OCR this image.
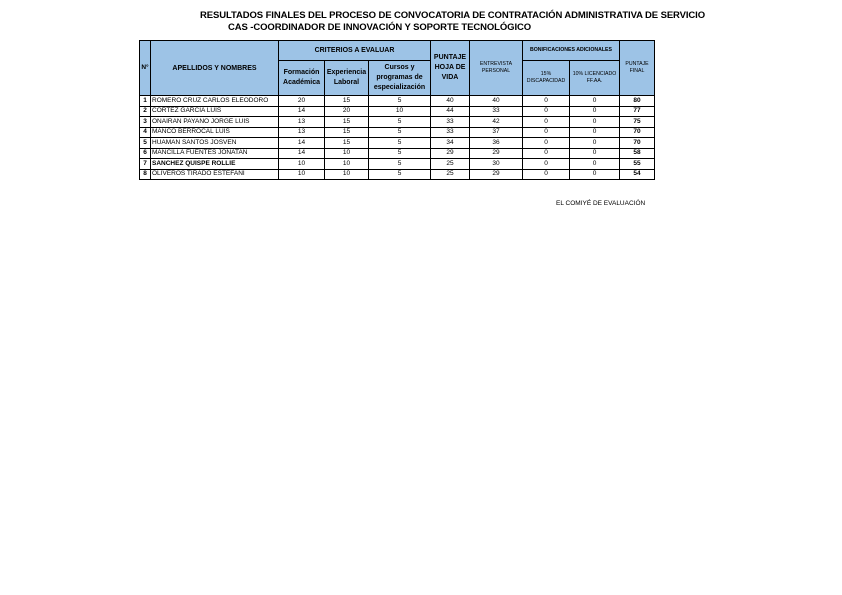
RESULTADOS FINALES DEL PROCESO DE CONVOCATORIA DE CONTRATACIÓN ADMINISTRATIVA DE SERVICIO
CAS -COORDINADOR DE INNOVACIÓN Y SOPORTE TECNOLÓGICO
N°	APELLIDOS Y NOMBRES	CRITERIOS A EVALUAR			PUNTAJE HOJA DE VIDA	ENTREVISTA PERSONAL	BONIFICACIONES ADICIONALES		PUNTAJE FINAL
		Formación Académica	Experiencia Laboral	Cursos y programas de especialización			15% DISCAPACIDAD	10% LICENCIADO FF.AA.	
1	ROMERO CRUZ CARLOS ELEODORO	20	15	5	40	40	0	0	80
2	CORTEZ GARCIA LUIS	14	20	10	44	33	0	0	77
3	ONAIRAN PAYANO JORGE LUIS	13	15	5	33	42	0	0	75
4	MANCO BERROCAL LUIS	13	15	5	33	37	0	0	70
5	HUAMAN SANTOS JOSVEN	14	15	5	34	36	0	0	70
6	MANCILLA FUENTES JONATAN	14	10	5	29	29	0	0	58
7	SANCHEZ QUISPE ROLLIE	10	10	5	25	30	0	0	55
8	OLIVEROS TIRADO ESTEFANI	10	10	5	25	29	0	0	54
EL COMIYÉ DE EVALUACIÓN
